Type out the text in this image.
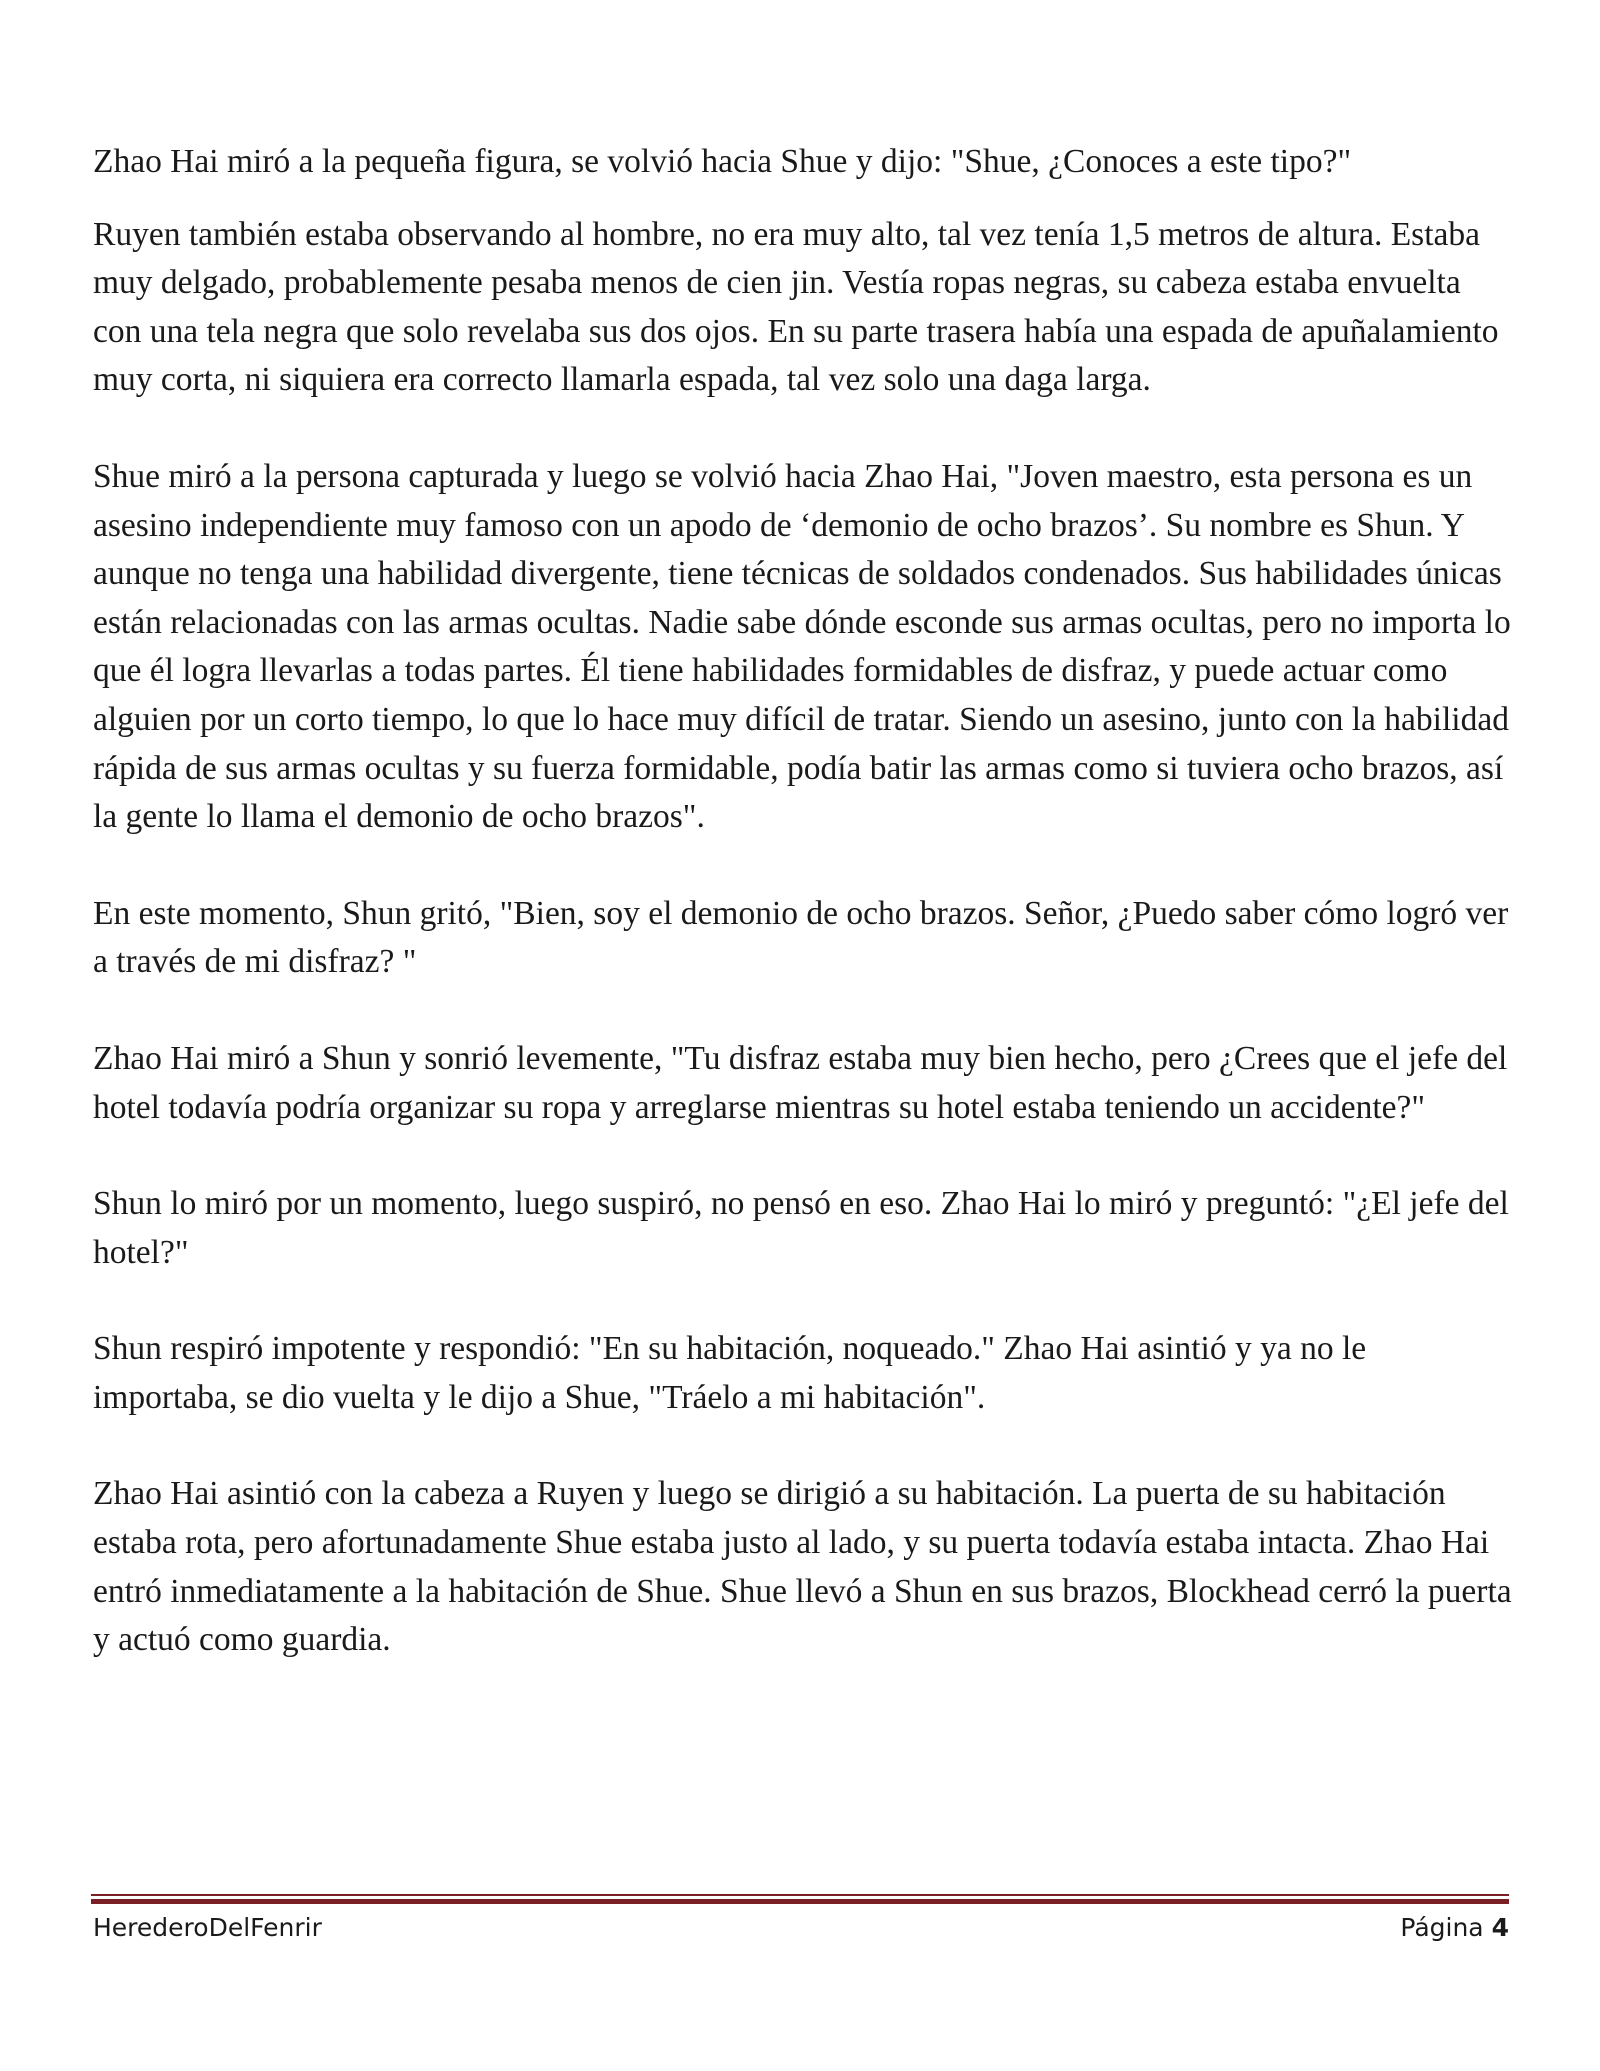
Zhao Hai miró a la pequeña figura, se volvió hacia Shue y dijo: "Shue, ¿Conoces a este tipo?"

Ruyen también estaba observando al hombre, no era muy alto, tal vez tenía 1,5 metros de altura. Estaba muy delgado, probablemente pesaba menos de cien jin. Vestía ropas negras, su cabeza estaba envuelta con una tela negra que solo revelaba sus dos ojos. En su parte trasera había una espada de apuñalamiento muy corta, ni siquiera era correcto llamarla espada, tal vez solo una daga larga.

Shue miró a la persona capturada y luego se volvió hacia Zhao Hai, "Joven maestro, esta persona es un asesino independiente muy famoso con un apodo de ‘demonio de ocho brazos’. Su nombre es Shun. Y aunque no tenga una habilidad divergente, tiene técnicas de soldados condenados. Sus habilidades únicas están relacionadas con las armas ocultas. Nadie sabe dónde esconde sus armas ocultas, pero no importa lo que él logra llevarlas a todas partes. Él tiene habilidades formidables de disfraz, y puede actuar como alguien por un corto tiempo, lo que lo hace muy difícil de tratar. Siendo un asesino, junto con la habilidad rápida de sus armas ocultas y su fuerza formidable, podía batir las armas como si tuviera ocho brazos, así la gente lo llama el demonio de ocho brazos".

En este momento, Shun gritó, "Bien, soy el demonio de ocho brazos. Señor, ¿Puedo saber cómo logró ver a través de mi disfraz? "

Zhao Hai miró a Shun y sonrió levemente, "Tu disfraz estaba muy bien hecho, pero ¿Crees que el jefe del hotel todavía podría organizar su ropa y arreglarse mientras su hotel estaba teniendo un accidente?"

Shun lo miró por un momento, luego suspiró, no pensó en eso. Zhao Hai lo miró y preguntó: "¿El jefe del hotel?"

Shun respiró impotente y respondió: "En su habitación, noqueado." Zhao Hai asintió y ya no le importaba, se dio vuelta y le dijo a Shue, "Tráelo a mi habitación".

Zhao Hai asintió con la cabeza a Ruyen y luego se dirigió a su habitación. La puerta de su habitación estaba rota, pero afortunadamente Shue estaba justo al lado, y su puerta todavía estaba intacta. Zhao Hai entró inmediatamente a la habitación de Shue. Shue llevó a Shun en sus brazos, Blockhead cerró la puerta y actuó como guardia.

HerederoDelFenrir	Página 4
